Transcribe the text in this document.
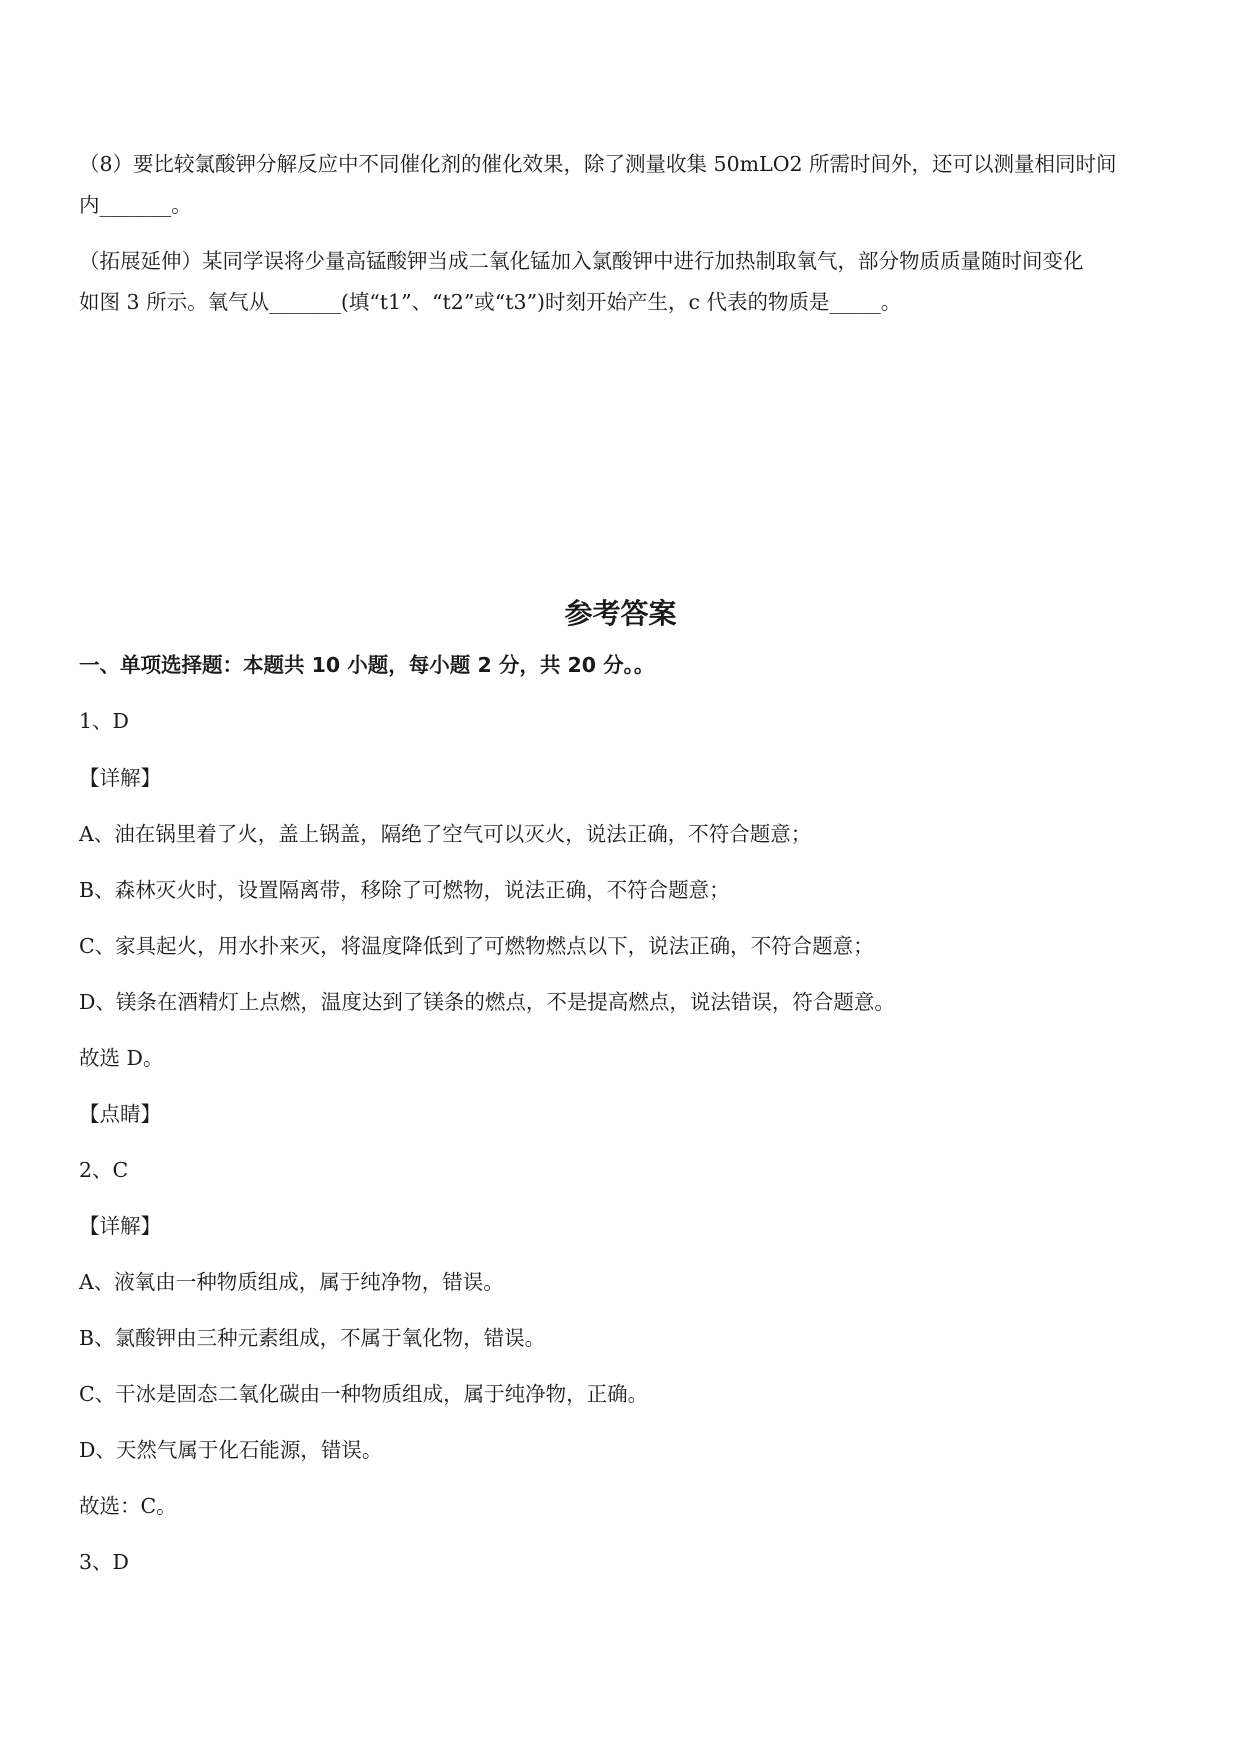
（8）要比较氯酸钾分解反应中不同催化剂的催化效果，除了测量收集 50mLO2 所需时间外，还可以测量相同时间
内_______。
（拓展延伸）某同学误将少量高锰酸钾当成二氧化锰加入氯酸钾中进行加热制取氧气，部分物质质量随时间变化
如图 3 所示。氧气从_______(填“t1”、“t2”或“t3”)时刻开始产生，c 代表的物质是_____。
参考答案
一、单项选择题：本题共 10 小题，每小题 2 分，共 20 分。。
1、D
【详解】
A、油在锅里着了火，盖上锅盖，隔绝了空气可以灭火，说法正确，不符合题意；
B、森林灭火时，设置隔离带，移除了可燃物，说法正确，不符合题意；
C、家具起火，用水扑来灭，将温度降低到了可燃物燃点以下，说法正确，不符合题意；
D、镁条在酒精灯上点燃，温度达到了镁条的燃点，不是提高燃点，说法错误，符合题意。
故选 D。
【点睛】
2、C
【详解】
A、液氧由一种物质组成，属于纯净物，错误。
B、氯酸钾由三种元素组成，不属于氧化物，错误。
C、干冰是固态二氧化碳由一种物质组成，属于纯净物，正确。
D、天然气属于化石能源，错误。
故选：C。
3、D
